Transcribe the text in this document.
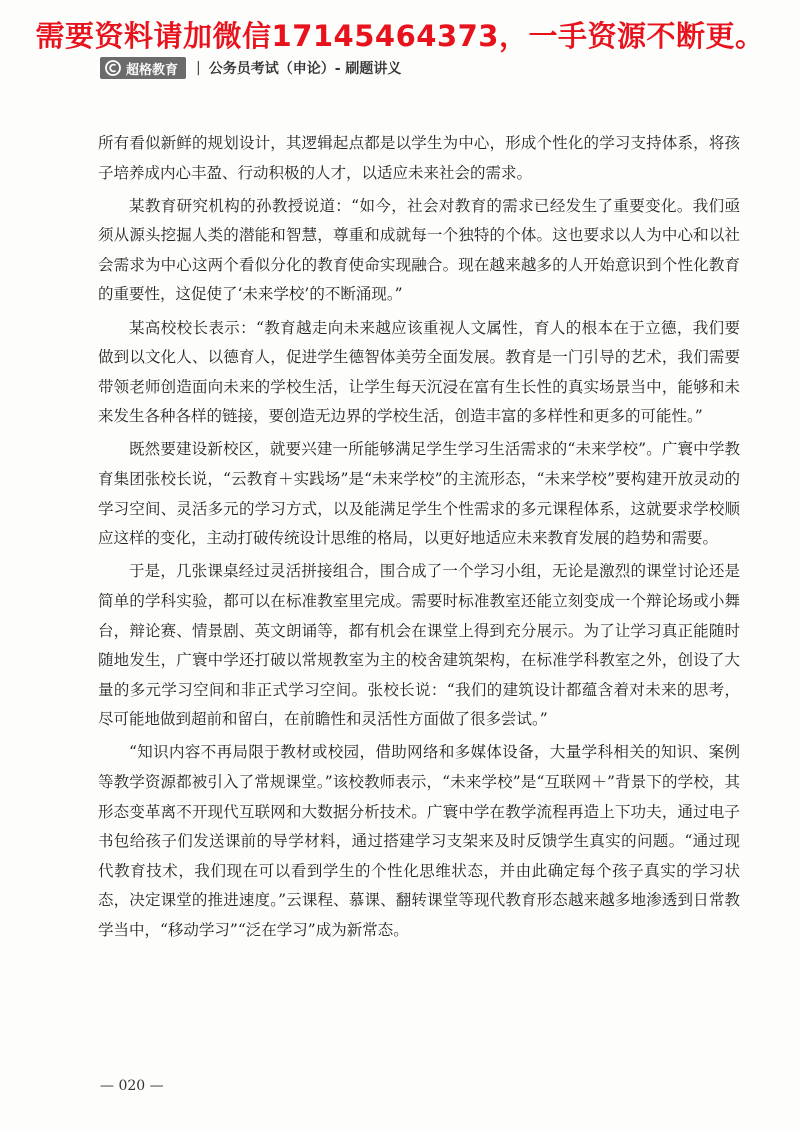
需要资料请加微信17145464373，一手资源不断更。
超格教育 | 公务员考试（申论）- 刷题讲义

所有看似新鲜的规划设计，其逻辑起点都是以学生为中心，形成个性化的学习支持体系，将孩子培养成内心丰盈、行动积极的人才，以适应未来社会的需求。

某教育研究机构的孙教授说道：“如今，社会对教育的需求已经发生了重要变化。我们亟须从源头挖掘人类的潜能和智慧，尊重和成就每一个独特的个体。这也要求以人为中心和以社会需求为中心这两个看似分化的教育使命实现融合。现在越来越多的人开始意识到个性化教育的重要性，这促使了‘未来学校’的不断涌现。”

某高校校长表示：“教育越走向未来越应该重视人文属性，育人的根本在于立德，我们要做到以文化人、以德育人，促进学生德智体美劳全面发展。教育是一门引导的艺术，我们需要带领老师创造面向未来的学校生活，让学生每天沉浸在富有生长性的真实场景当中，能够和未来发生各种各样的链接，要创造无边界的学校生活，创造丰富的多样性和更多的可能性。”

既然要建设新校区，就要兴建一所能够满足学生学习生活需求的“未来学校”。广寰中学教育集团张校长说，“云教育＋实践场”是“未来学校”的主流形态，“未来学校”要构建开放灵动的学习空间、灵活多元的学习方式，以及能满足学生个性需求的多元课程体系，这就要求学校顺应这样的变化，主动打破传统设计思维的格局，以更好地适应未来教育发展的趋势和需要。

于是，几张课桌经过灵活拼接组合，围合成了一个学习小组，无论是激烈的课堂讨论还是简单的学科实验，都可以在标准教室里完成。需要时标准教室还能立刻变成一个辩论场或小舞台，辩论赛、情景剧、英文朗诵等，都有机会在课堂上得到充分展示。为了让学习真正能随时随地发生，广寰中学还打破以常规教室为主的校舍建筑架构，在标准学科教室之外，创设了大量的多元学习空间和非正式学习空间。张校长说：“我们的建筑设计都蕴含着对未来的思考，尽可能地做到超前和留白，在前瞻性和灵活性方面做了很多尝试。”

“知识内容不再局限于教材或校园，借助网络和多媒体设备，大量学科相关的知识、案例等教学资源都被引入了常规课堂。”该校教师表示，“未来学校”是“互联网＋”背景下的学校，其形态变革离不开现代互联网和大数据分析技术。广寰中学在教学流程再造上下功夫，通过电子书包给孩子们发送课前的导学材料，通过搭建学习支架来及时反馈学生真实的问题。“通过现代教育技术，我们现在可以看到学生的个性化思维状态，并由此确定每个孩子真实的学习状态，决定课堂的推进速度。”云课程、慕课、翻转课堂等现代教育形态越来越多地渗透到日常教学当中，“移动学习”“泛在学习”成为新常态。

— 020 —
